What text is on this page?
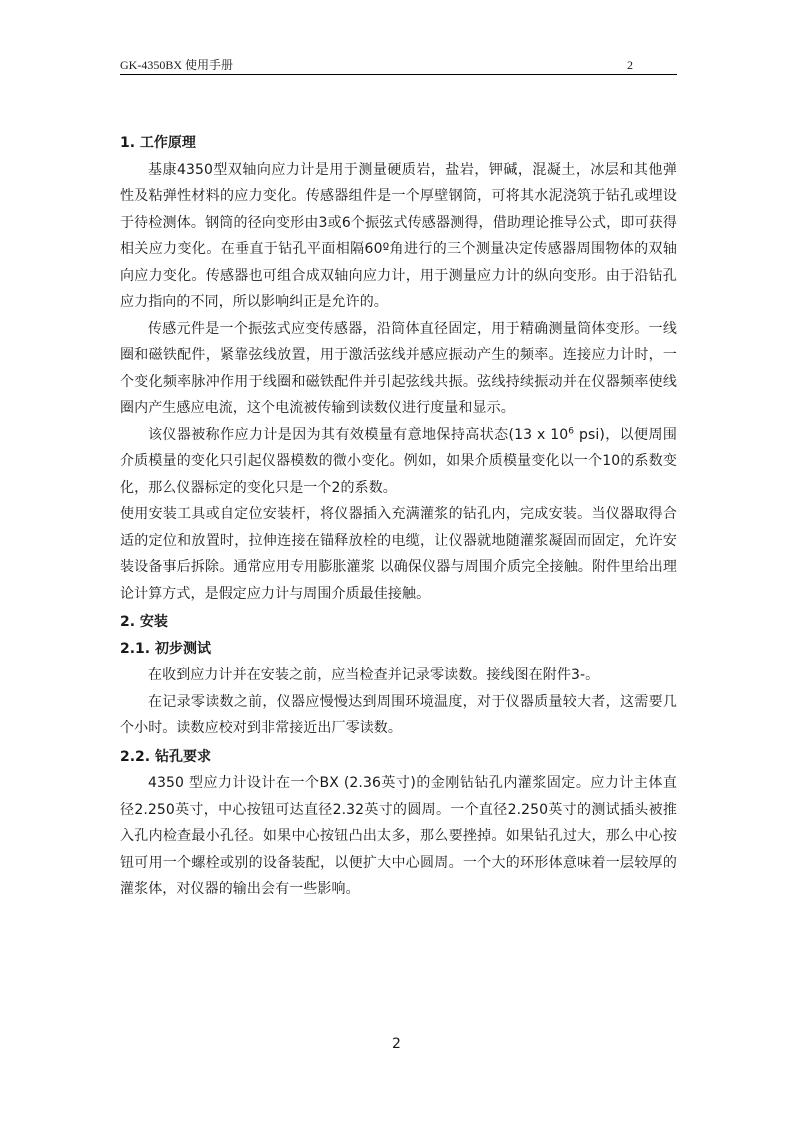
GK-4350BX 使用手册	2
1. 工作原理

基康4350型双轴向应力计是用于测量硬质岩，盐岩，钾碱，混凝土，冰层和其他弹性及粘弹性材料的应力变化。传感器组件是一个厚壁钢筒，可将其水泥浇筑于钻孔或埋设于待检测体。钢筒的径向变形由3或6个振弦式传感器测得，借助理论推导公式，即可获得相关应力变化。在垂直于钻孔平面相隔60º角进行的三个测量决定传感器周围物体的双轴向应力变化。传感器也可组合成双轴向应力计，用于测量应力计的纵向变形。由于沿钻孔应力指向的不同，所以影响纠正是允许的。

传感元件是一个振弦式应变传感器，沿筒体直径固定，用于精确测量筒体变形。一线圈和磁铁配件，紧靠弦线放置，用于激活弦线并感应振动产生的频率。连接应力计时，一个变化频率脉冲作用于线圈和磁铁配件并引起弦线共振。弦线持续振动并在仪器频率使线圈内产生感应电流，这个电流被传输到读数仪进行度量和显示。

该仪器被称作应力计是因为其有效模量有意地保持高状态(13 x $10^6$ psi)，以便周围介质模量的变化只引起仪器模数的微小变化。例如，如果介质模量变化以一个10的系数变化，那么仪器标定的变化只是一个2的系数。

使用安装工具或自定位安装杆，将仪器插入充满灌浆的钻孔内，完成安装。当仪器取得合适的定位和放置时，拉伸连接在锚释放栓的电缆，让仪器就地随灌浆凝固而固定，允许安装设备事后拆除。通常应用专用膨胀灌浆 以确保仪器与周围介质完全接触。附件里给出理论计算方式，是假定应力计与周围介质最佳接触。

2. 安装
2.1. 初步测试

在收到应力计并在安装之前，应当检查并记录零读数。接线图在附件3-。

在记录零读数之前，仪器应慢慢达到周围环境温度，对于仪器质量较大者，这需要几个小时。读数应校对到非常接近出厂零读数。

2.2. 钻孔要求

4350 型应力计设计在一个BX (2.36英寸)的金刚钻钻孔内灌浆固定。应力计主体直径2.250英寸，中心按钮可达直径2.32英寸的圆周。一个直径2.250英寸的测试插头被推入孔内检查最小孔径。如果中心按钮凸出太多，那么要挫掉。如果钻孔过大，那么中心按钮可用一个螺栓或别的设备装配，以便扩大中心圆周。一个大的环形体意味着一层较厚的灌浆体，对仪器的输出会有一些影响。

2
